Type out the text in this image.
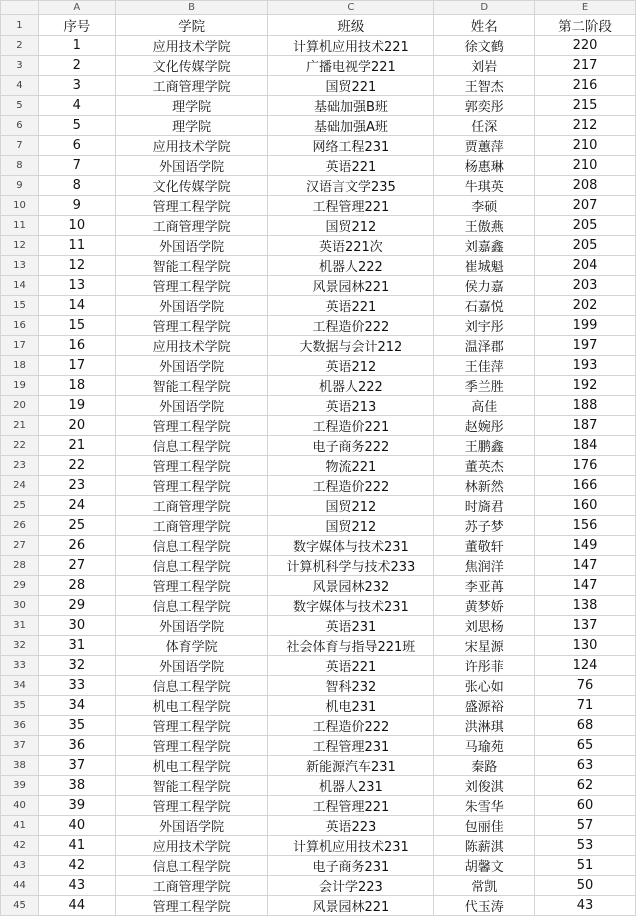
	A	B	C	D	E
1	序号	学院	班级	姓名	第二阶段
2	1	应用技术学院	计算机应用技术221	徐文鹤	220
3	2	文化传媒学院	广播电视学221	刘岩	217
4	3	工商管理学院	国贸221	王智杰	216
5	4	理学院	基础加强B班	郭奕彤	215
6	5	理学院	基础加强A班	任深	212
7	6	应用技术学院	网络工程231	贾蕙萍	210
8	7	外国语学院	英语221	杨惠琳	210
9	8	文化传媒学院	汉语言文学235	牛琪英	208
10	9	管理工程学院	工程管理221	李硕	207
11	10	工商管理学院	国贸212	王傲燕	205
12	11	外国语学院	英语221次	刘嘉鑫	205
13	12	智能工程学院	机器人222	崔城魁	204
14	13	管理工程学院	风景园林221	侯力嘉	203
15	14	外国语学院	英语221	石嘉悦	202
16	15	管理工程学院	工程造价222	刘宇彤	199
17	16	应用技术学院	大数据与会计212	温泽郡	197
18	17	外国语学院	英语212	王佳萍	193
19	18	智能工程学院	机器人222	季兰胜	192
20	19	外国语学院	英语213	高佳	188
21	20	管理工程学院	工程造价221	赵婉彤	187
22	21	信息工程学院	电子商务222	王鹏鑫	184
23	22	管理工程学院	物流221	董英杰	176
24	23	管理工程学院	工程造价222	林新然	166
25	24	工商管理学院	国贸212	时旖君	160
26	25	工商管理学院	国贸212	苏子梦	156
27	26	信息工程学院	数字媒体与技术231	董敬轩	149
28	27	信息工程学院	计算机科学与技术233	焦润洋	147
29	28	管理工程学院	风景园林232	李亚苒	147
30	29	信息工程学院	数字媒体与技术231	黄梦娇	138
31	30	外国语学院	英语231	刘思杨	137
32	31	体育学院	社会体育与指导221班	宋星源	130
33	32	外国语学院	英语221	许彤菲	124
34	33	信息工程学院	智科232	张心如	76
35	34	机电工程学院	机电231	盛源裕	71
36	35	管理工程学院	工程造价222	洪淋琪	68
37	36	管理工程学院	工程管理231	马瑜苑	65
38	37	机电工程学院	新能源汽车231	秦路	63
39	38	智能工程学院	机器人231	刘俊淇	62
40	39	管理工程学院	工程管理221	朱雪华	60
41	40	外国语学院	英语223	包丽佳	57
42	41	应用技术学院	计算机应用技术231	陈薪淇	53
43	42	信息工程学院	电子商务231	胡馨文	51
44	43	工商管理学院	会计学223	常凯	50
45	44	管理工程学院	风景园林221	代玉涛	43
